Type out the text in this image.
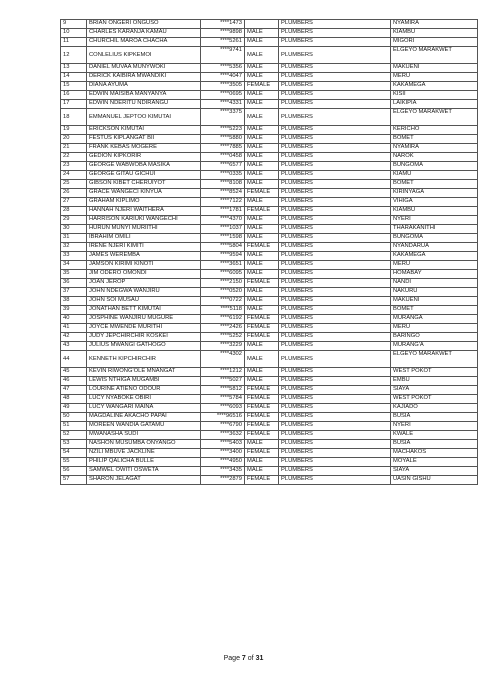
9	BRIAN ONGERI ONGUSO	****1473		PLUMBERS	NYAMIRA
10	CHARLES KARANJA KAMAU	****9898	MALE	PLUMBERS	KIAMBU
11	CHURCHIL MAROA CHACHA	****5261	MALE	PLUMBERS	MIGORI
12	CONLELIUS KIPKEMOI	****9741	MALE	PLUMBERS	ELGEYO MARAKWET
13	DANIEL MUVAA MUNYWOKI	****5356	MALE	PLUMBERS	MAKUENI
14	DERICK KAIBIRA MWANDIKI	****4047	MALE	PLUMBERS	MERU
15	DIANA AYUMA	****3505	FEMALE	PLUMBERS	KAKAMEGA
16	EDWIN MAISIBA MANYANYA	****0695	MALE	PLUMBERS	KISII
17	EDWIN NDERITU NDIRANGU	****4331	MALE	PLUMBERS	LAIKIPIA
18	EMMANUEL JEPTOO KIMUTAI	****3375	MALE	PLUMBERS	ELGEYO MARAKWET
19	ERICKSON KIMUTAI	****5223	MALE	PLUMBERS	KERICHO
20	FESTUS KIPLANGAT BII	****5880	MALE	PLUMBERS	BOMET
21	FRANK KEBAS MOGERE	****7885	MALE	PLUMBERS	NYAMIRA
22	GEDION KIPKORIR	****0458	MALE	PLUMBERS	NAROK
23	GEORGE WABWOBA MASIKA	****6577	MALE	PLUMBERS	BUNGOMA
24	GEORGE GITAU GICHUI	****0335	MALE	PLUMBERS	KIAMU
25	GIBSON KIBET CHERUIYOT	****8108	MALE	PLUMBERS	BOMET
26	GRACE WANGECI KINYUA	****8524	FEMALE	PLUMBERS	KIRINYAGA
27	GRAHAM KIPLIMO	****7122	MALE	PLUMBERS	VIHIGA
28	HANNAH NJERI WAITHERA	****1781	FEMALE	PLUMBERS	KIAMBU
29	HARRISON KARIUKI WANGECHI	****4370	MALE	PLUMBERS	NYERI
30	HURUN MUNYI MURIITHI	****1037	MALE	PLUMBERS	THARAKANITHI
31	IBRAHIM OMILI	****1598	MALE	PLUMBERS	BUNGOMA
32	IRENE NJERI KIMITI	****5804	FEMALE	PLUMBERS	NYANDARUA
33	JAMES WEREMBA	****9594	MALE	PLUMBERS	KAKAMEGA
34	JAMSON KIRIMI KINOTI	****3651	MALE	PLUMBERS	MERU
35	JIM ODERO OMONDI	****6095	MALE	PLUMBERS	HOMABAY
36	JOAN JEROP	****2150	FEMALE	PLUMBERS	NANDI
37	JOHN NDEGWA WANJIRU	****0520	MALE	PLUMBERS	NAKURU
38	JOHN SOI MUSAU	****0722	MALE	PLUMBERS	MAKUENI
39	JONATHAN BETT KIMUTAI	****5118	MALE	PLUMBERS	BOMET
40	JOSPHINE WANJIRU MUGURE	****6192	FEMALE	PLUMBERS	MURANGA
41	JOYCE MWENDE MURITHI	****2426	FEMALE	PLUMBERS	MERU
42	JUDY JEPCHIRCHIR KOSKEI	****5252	FEMALE	PLUMBERS	BARINGO
43	JULIUS MWANGI GATHOGO	****3229	MALE	PLUMBERS	MURANG'A
44	KENNETH KIPCHIRCHIR	****4302	MALE	PLUMBERS	ELGEYO MARAKWET
45	KEVIN RIWONG'OLE MNANGAT	****1212	MALE	PLUMBERS	WEST POKOT
46	LEWIS NTHIGA MUGAMBI	****5027	MALE	PLUMBERS	EMBU
47	LOURINE ATIENO ODOUR	****5812	FEMALE	PLUMBERS	SIAYA
48	LUCY NYABOKE OBIRI	****5784	FEMALE	PLUMBERS	WEST POKOT
49	LUCY WANGARI MAINA	****6093	FEMALE	PLUMBERS	KAJIADO
50	MAGDALINE AKACHO PAPAI	****96516	FEMALE	PLUMBERS	BUSIA
51	MOREEN WANDIA GATAMU	****6790	FEMALE	PLUMBERS	NYERI
52	MWANASHA SUDI	****3632	FEMALE	PLUMBERS	KWALE
53	NASHON MUSUMBA ONYANGO	****5403	MALE	PLUMBERS	BUSIA
54	NZILI MBUVE JACKLINE	****3400	FEMALE	PLUMBERS	MACHAKOS
55	PHILIP QALICHA BULLE	****4950	MALE	PLUMBERS	MOYALE
56	SAMWEL OWITI OSWETA	****3435	MALE	PLUMBERS	SIAYA
57	SHARON JELAGAT	****2879	FEMALE	PLUMBERS	UASIN GISHU
Page 7 of 31
